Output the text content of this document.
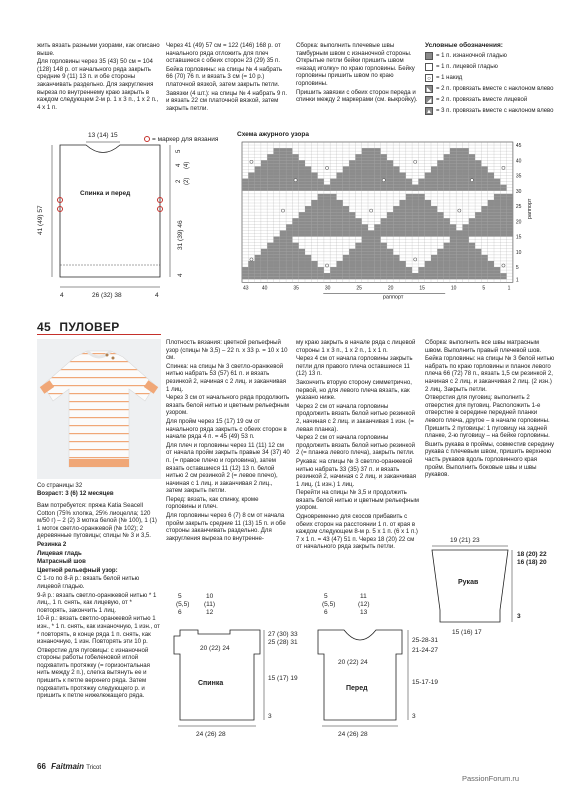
жить вязать разными узорами, как описано выше.

Для горловины через 35 (43) 50 см = 104 (128) 148 р. от начального ряда закрыть средние 9 (11) 13 п. и обе стороны заканчивать раздельно. Для закругления выреза по внутреннему краю закрыть в каждом следующем 2-м р. 1 х 3 п., 1 х 2 п., 4 х 1 п.

Через 41 (49) 57 см = 122 (146) 168 р. от начального ряда отложить для плеч оставшиеся с обеих сторон 23 (29) 35 п.

Бейка горловины: на спицы № 4 набрать 66 (70) 76 п. и вязать 3 см (= 10 р.) платочной вязкой, затем закрыть петли.

Завязки (4 шт.): на спицы № 4 набрать 9 п. и вязать 22 см платочной вязкой, затем закрыть петли.

Сборка: выполнить плечевые швы тамбурным швом с изнаночной стороны. Открытые петли бейки пришить швом «назад иголку» по краю горловины. Бейку горловины пришить швом по краю горловины.

Пришить завязки с обеих сторон переда и спинки между 2 маркерами (см. выкройку).

Условные обозначения:
= 1 п. изнаночной гладью
= 1 п. лицевой гладью
○ = 1 накид
◣ = 2 п. провязать вместе с наклоном влево
◢ = 2 п. провязать вместе лицевой
▲ = 3 п. провязать вместе с наклоном влево
= маркер для вязания
13 (14) 15
Спинка и перед
41 (49) 57
2 (2)
4 (4)
5
31 (39) 46
4
4	26 (32) 38	4
Схема ажурного узора
43	40	35	30	25	20	15	10	5	1
1
5
10
15
20
25
30
35
40
45
раппорт
раппорт
45 ПУЛОВЕР
Со страницы 32
Возраст: 3 (6) 12 месяцев

Вам потребуется: пряжа Katia Seacell Cotton (75% хлопка, 25% лиоцелла; 120 м/50 г) – 2 (2) 3 мотка белой (№ 100), 1 (1) 1 моток светло-оранжевой (№ 102); 2 деревянные пуговицы; спицы № 3 и 3,5.

Резинка 2

Лицевая гладь

Матрасный шов

Цветной рельефный узор:

С 1-го по 8-й р.: вязать белой нитью лицевой гладью.

9-й р.: вязать светло-оранжевой нитью * 1 лиц., 1 п. снять, как лицевую, от * повторять, закончить 1 лиц.

10-й р.: вязать светло-оранжевой нитью 1 изн., * 1 п. снять, как изнаночную, 1 изн., от * повторять, в конце ряда 1 п. снять, как изнаночную, 1 изн. Повторять эти 10 р.

Отверстие для пуговицы: с изнаночной стороны работы гобеленовой иглой подхватить протяжку (= горизонтальная нить между 2 п.), слегка вытянуть ее и пришить к петле верхнего ряда. Затем подхватить протяжку следующего р. и пришить к петле нижележащего ряда.

Плотность вязания: цветной рельефный узор (спицы № 3,5) – 22 п. x 33 р. = 10 x 10 см.

Спинка: на спицы № 3 светло-оранжевой нитью набрать 53 (57) 61 п. и вязать резинкой 2, начиная с 2 лиц. и заканчивая 1 лиц.

Через 3 см от начального ряда продолжить вязать белой нитью и цветным рельефным узором.

Для пройм через 15 (17) 19 см от начального ряда закрыть с обеих сторон в начале ряда 4 п. = 45 (49) 53 п.

Для плеч и горловины через 11 (11) 12 см от начала пройм закрыть правые 34 (37) 40 п. (= правое плечо и горловина), затем вязать оставшиеся 11 (12) 13 п. белой нитью 2 см резинкой 2 (= левое плечо), начиная с 1 лиц. и заканчивая 2 лиц., затем закрыть петли.

Перед: вязать, как спинку, кроме горловины и плеч.

Для горловины через 6 (7) 8 см от начала пройм закрыть средние 11 (13) 15 п. и обе стороны заканчивать раздельно. Для закругления выреза по внутренне-

му краю закрыть в начале ряда с лицевой стороны 1 х 3 п., 1 х 2 п., 1 х 1 п.

Через 4 см от начала горловины закрыть петли для правого плеча оставшиеся 11 (12) 13 п.

Закончить вторую сторону симметрично, первой, но для левого плеча вязать, как указано ниже.

Через 2 см от начала горловины продолжить вязать белой нитью резинкой 2, начиная с 2 лиц. и заканчивая 1 изн. (= левая планка).

Через 2 см от начала горловины продолжить вязать белой нитью резинкой 2 (= планка левого плеча), закрыть петли.

Рукава: на спицы № 3 светло-оранжевой нитью набрать 33 (35) 37 п. и вязать резинкой 2, начиная с 2 лиц. и заканчивая 1 лиц. (1 изн.) 1 лиц.

Перейти на спицы № 3,5 и продолжить вязать белой нитью и цветным рельефным узором.

Одновременно для скосов прибавить с обеих сторон на расстоянии 1 п. от края в каждом следующем 8-м р. 5 х 1 п. (6 х 1 п.) 7 х 1 п. = 43 (47) 51 п. Через 18 (20) 22 см от начального ряда закрыть петли.

Сборка: выполнить все швы матрасным швом. Выполнить правый плечевой шов.

Бейка горловины: на спицы № 3 белой нитью набрать по краю горловины и планок левого плеча 66 (72) 78 п., вязать 1,5 см резинкой 2, начиная с 2 лиц. и заканчивая 2 лиц. (2 изн.) 2 лиц. Закрыть петли.

Отверстия для пуговиц: выполнить 2 отверстия для пуговиц. Расположить 1-е отверстие в середине передней планки левого плеча, другое – в начале горловины. Пришить 2 пуговицы: 1 пуговицу на задней планке, 2-ю пуговицу – на бейке горловины.

Вшить рукава в проймы, совместив середину рукава с плечевым швом, пришить верхнюю часть рукавов вдоль горловинного края пройм. Выполнить боковые швы и швы рукавов.

19 (21) 23
Рукав
15 (16) 17
18 (20) 22
16 (18) 20
3
5
(5,5)
6
10
(11)
12
20 (22) 24
Спинка
24 (26) 28
27 (30) 33
25 (28) 31
15 (17) 19
3
5
(5,5)
6
11
(12)
13
20 (22) 24
Перед
24 (26) 28
25-28-31
21-24-27
15-17-19
3
66 Faitmain Tricot
PassionForum.ru
